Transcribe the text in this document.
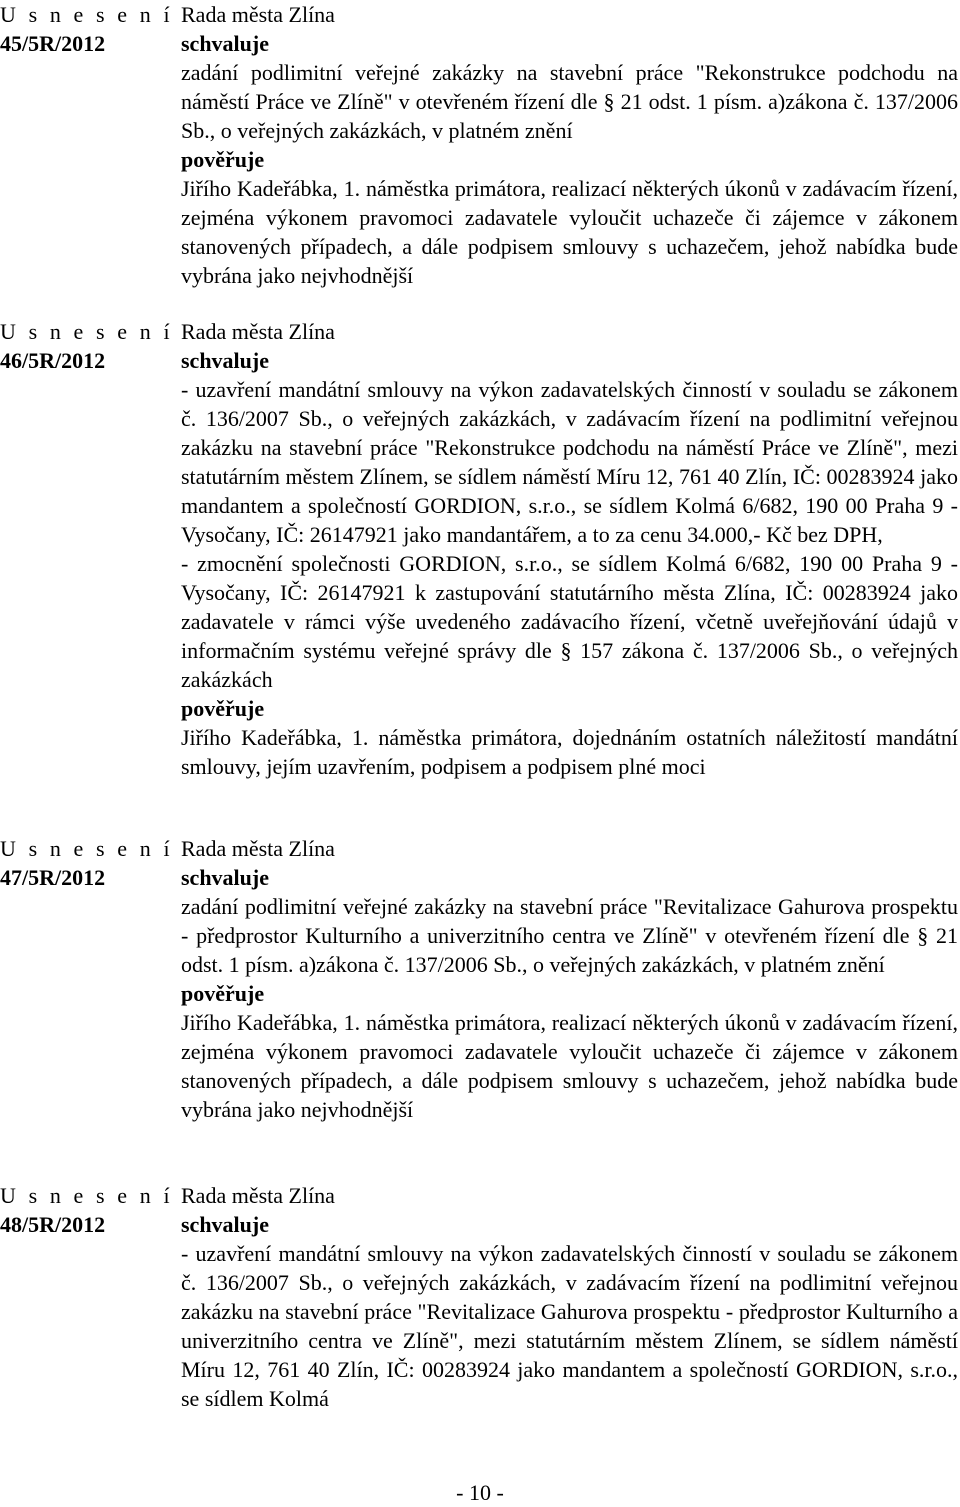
U s n e s e n í
45/5R/2012

Rada města Zlína

schvaluje

zadání podlimitní veřejné zakázky na stavební práce "Rekonstrukce podchodu na náměstí Práce ve Zlíně" v otevřeném řízení dle § 21 odst. 1 písm. a)zákona č. 137/2006 Sb., o veřejných zakázkách, v platném znění

pověřuje

Jiřího Kadeřábka, 1. náměstka primátora, realizací některých úkonů v zadávacím řízení, zejména výkonem pravomoci zadavatele vyloučit uchazeče či zájemce v zákonem stanovených případech, a dále podpisem smlouvy s uchazečem, jehož nabídka bude vybrána jako nejvhodnější

U s n e s e n í
46/5R/2012

Rada města Zlína

schvaluje

- uzavření mandátní smlouvy na výkon zadavatelských činností v souladu se zákonem č. 136/2007 Sb., o veřejných zakázkách, v zadávacím řízení na podlimitní veřejnou zakázku na stavební práce "Rekonstrukce podchodu na náměstí Práce ve Zlíně", mezi statutárním městem Zlínem, se sídlem náměstí Míru 12, 761 40 Zlín, IČ: 00283924 jako mandantem a společností GORDION, s.r.o., se sídlem Kolmá 6/682, 190 00 Praha 9 - Vysočany, IČ: 26147921 jako mandantářem, a to za cenu 34.000,- Kč bez DPH,

- zmocnění společnosti GORDION, s.r.o., se sídlem Kolmá 6/682, 190 00 Praha 9 - Vysočany, IČ: 26147921 k zastupování statutárního města Zlína, IČ: 00283924 jako zadavatele v rámci výše uvedeného zadávacího řízení, včetně uveřejňování údajů v informačním systému veřejné správy dle § 157 zákona č. 137/2006 Sb., o veřejných zakázkách

pověřuje

Jiřího Kadeřábka, 1. náměstka primátora, dojednáním ostatních náležitostí mandátní smlouvy, jejím uzavřením, podpisem a podpisem plné moci

U s n e s e n í
47/5R/2012

Rada města Zlína

schvaluje

zadání podlimitní veřejné zakázky na stavební práce "Revitalizace Gahurova prospektu - předprostor Kulturního a univerzitního centra ve Zlíně" v otevřeném řízení dle § 21 odst. 1 písm. a)zákona č. 137/2006 Sb., o veřejných zakázkách, v platném znění

pověřuje

Jiřího Kadeřábka, 1. náměstka primátora, realizací některých úkonů v zadávacím řízení, zejména výkonem pravomoci zadavatele vyloučit uchazeče či zájemce v zákonem stanovených případech, a dále podpisem smlouvy s uchazečem, jehož nabídka bude vybrána jako nejvhodnější

U s n e s e n í
48/5R/2012

Rada města Zlína

schvaluje

- uzavření mandátní smlouvy na výkon zadavatelských činností v souladu se zákonem č. 136/2007 Sb., o veřejných zakázkách, v zadávacím řízení na podlimitní veřejnou zakázku na stavební práce "Revitalizace Gahurova prospektu - předprostor Kulturního a univerzitního centra ve Zlíně", mezi statutárním městem Zlínem, se sídlem náměstí Míru 12, 761 40 Zlín, IČ: 00283924 jako mandantem a společností GORDION, s.r.o., se sídlem Kolmá

- 10 -
